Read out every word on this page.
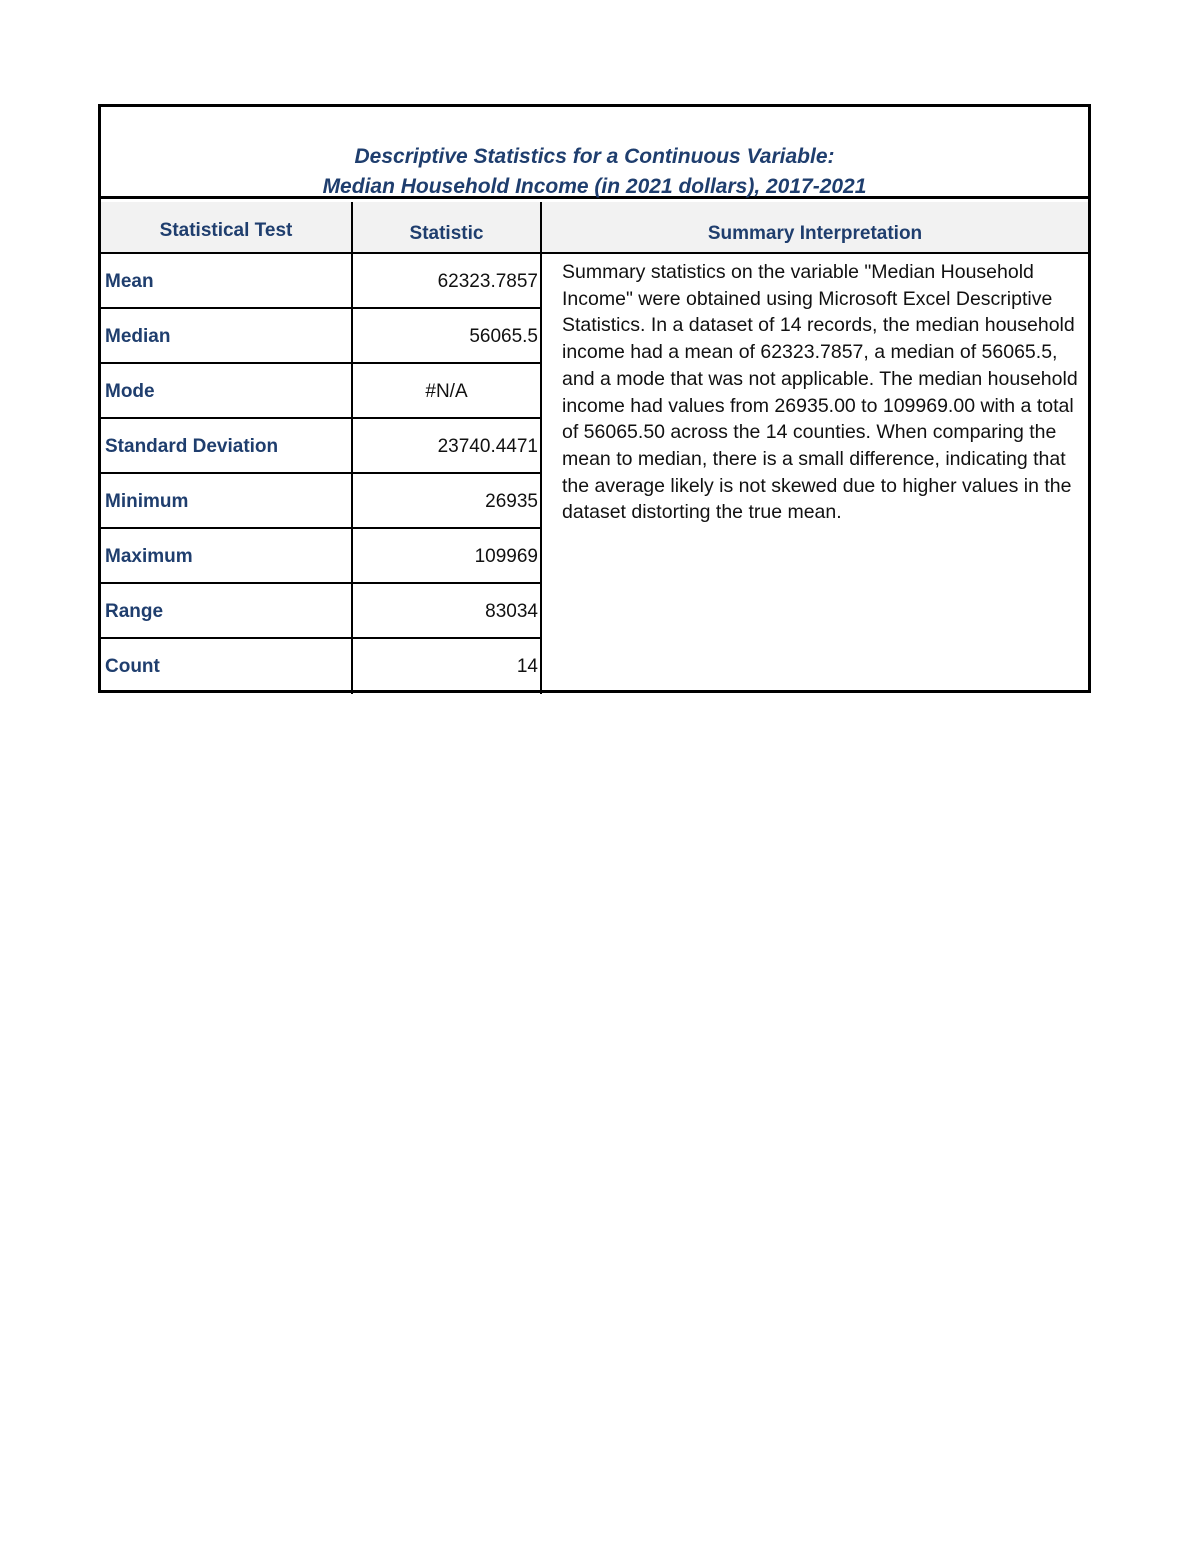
Descriptive Statistics for a Continuous Variable:
Median Household Income (in 2021 dollars), 2017-2021
Statistical Test	Statistic	Summary Interpretation
Mean	62323.7857
Median	56065.5
Mode	#N/A
Standard Deviation	23740.4471
Minimum	26935
Maximum	109969
Range	83034
Count	14
Summary statistics on the variable "Median Household Income" were obtained using Microsoft Excel Descriptive Statistics. In a dataset of 14 records, the median household income had a mean of 62323.7857, a median of 56065.5, and a mode that was not applicable. The median household income had values from 26935.00 to 109969.00 with a total of 56065.50 across the 14 counties. When comparing the mean to median, there is a small difference, indicating that the average likely is not skewed due to higher values in the dataset distorting the true mean.
